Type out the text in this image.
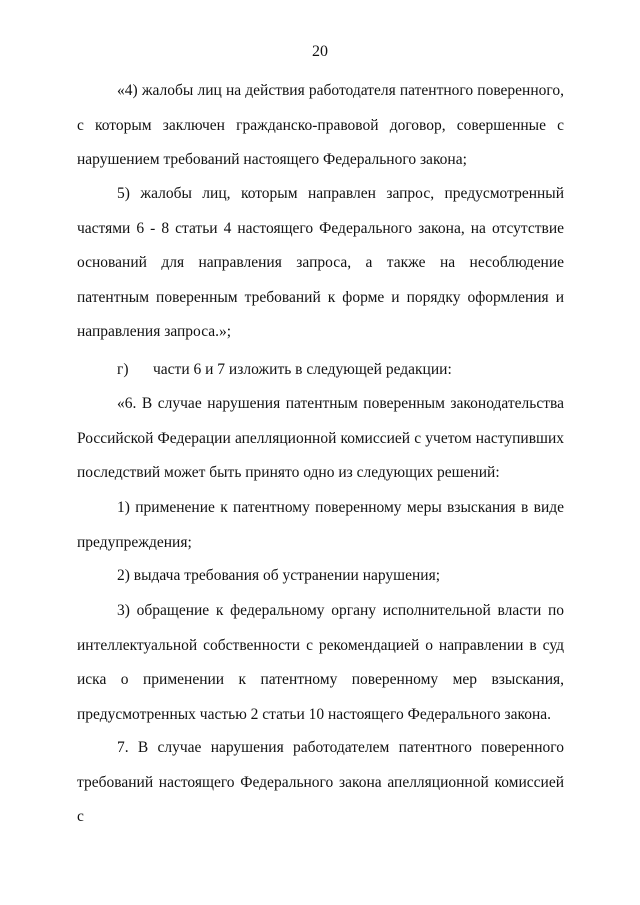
20

«4) жалобы лиц на действия работодателя патентного поверенного, с которым заключен гражданско-правовой договор, совершенные с нарушением требований настоящего Федерального закона;

5) жалобы лиц, которым направлен запрос, предусмотренный частями 6 - 8 статьи 4 настоящего Федерального закона, на отсутствие оснований для направления запроса, а также на несоблюдение патентным поверенным требований к форме и порядку оформления и направления запроса.»;

г) части 6 и 7 изложить в следующей редакции:

«6. В случае нарушения патентным поверенным законодательства Российской Федерации апелляционной комиссией с учетом наступивших последствий может быть принято одно из следующих решений:

1) применение к патентному поверенному меры взыскания в виде предупреждения;

2) выдача требования об устранении нарушения;

3) обращение к федеральному органу исполнительной власти по интеллектуальной собственности с рекомендацией о направлении в суд иска о применении к патентному поверенному мер взыскания, предусмотренных частью 2 статьи 10 настоящего Федерального закона.

7. В случае нарушения работодателем патентного поверенного требований настоящего Федерального закона апелляционной комиссией с
